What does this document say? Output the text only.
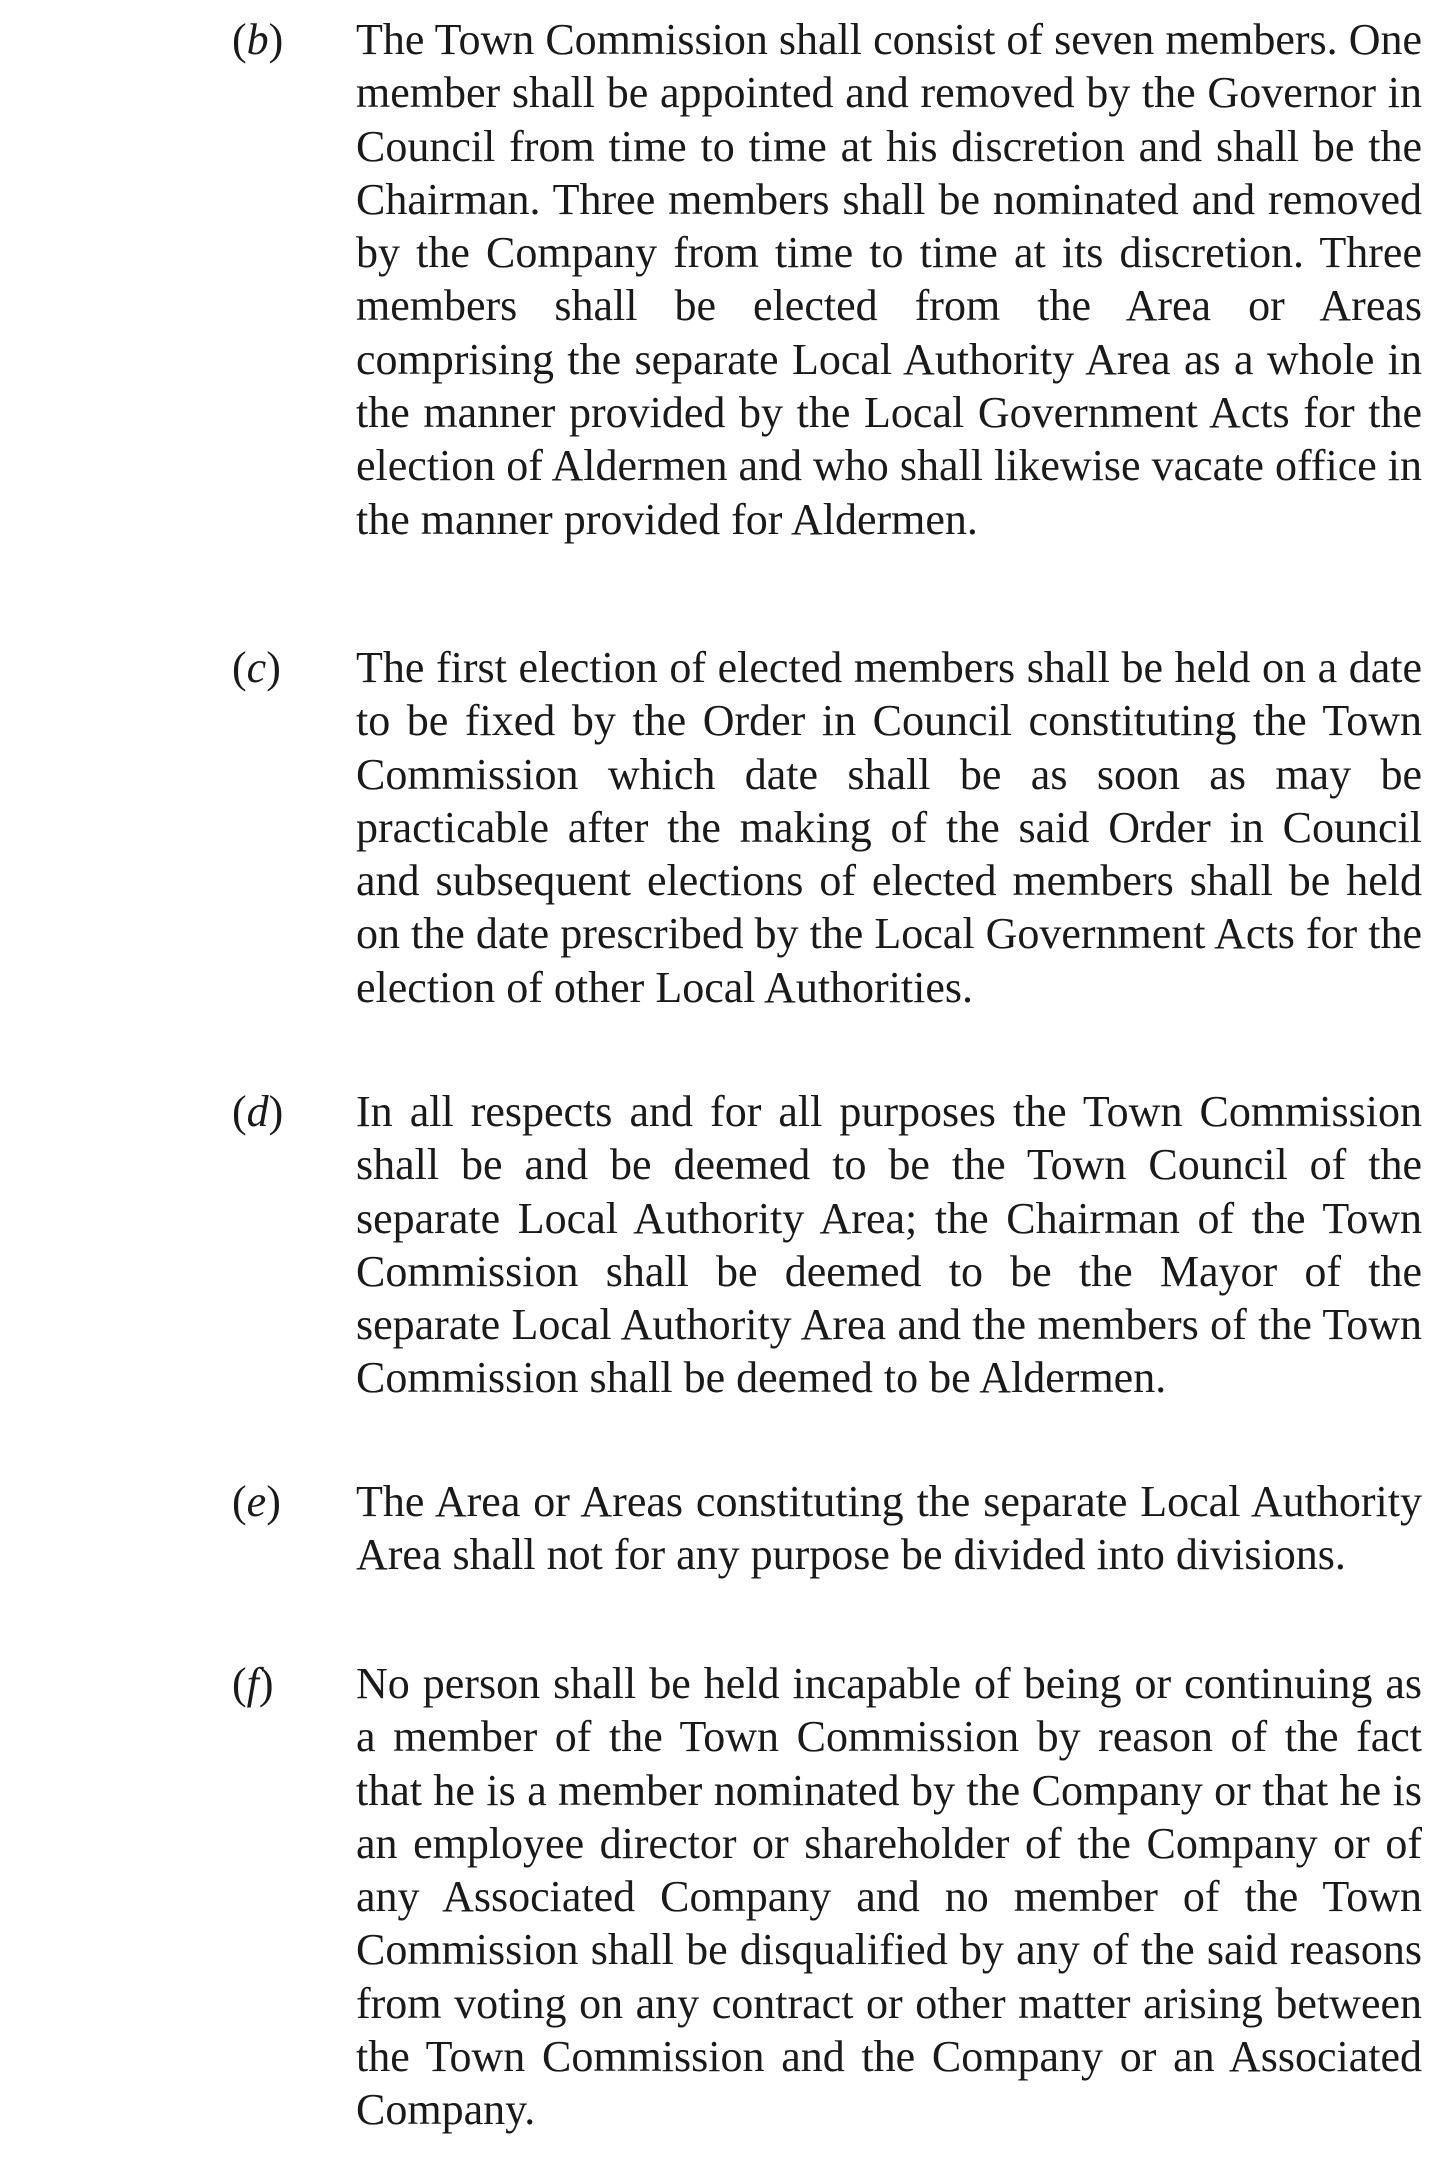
(b) The Town Commission shall consist of seven members. One member shall be appointed and removed by the Governor in Council from time to time at his discretion and shall be the Chairman. Three members shall be nominated and removed by the Company from time to time at its discretion. Three members shall be elected from the Area or Areas comprising the separate Local Authority Area as a whole in the manner provided by the Local Government Acts for the election of Aldermen and who shall likewise vacate office in the manner provided for Aldermen.

(c) The first election of elected members shall be held on a date to be fixed by the Order in Council constituting the Town Commission which date shall be as soon as may be practicable after the making of the said Order in Council and subsequent elections of elected members shall be held on the date prescribed by the Local Government Acts for the election of other Local Authorities.

(d) In all respects and for all purposes the Town Commission shall be and be deemed to be the Town Council of the separate Local Authority Area; the Chairman of the Town Commission shall be deemed to be the Mayor of the separate Local Authority Area and the members of the Town Commission shall be deemed to be Aldermen.

(e) The Area or Areas constituting the separate Local Authority Area shall not for any purpose be divided into divisions.

(f) No person shall be held incapable of being or continuing as a member of the Town Commission by reason of the fact that he is a member nominated by the Company or that he is an employee director or shareholder of the Company or of any Associated Company and no member of the Town Commission shall be disqualified by any of the said reasons from voting on any contract or other matter arising between the Town Commission and the Company or an Associated Company.
